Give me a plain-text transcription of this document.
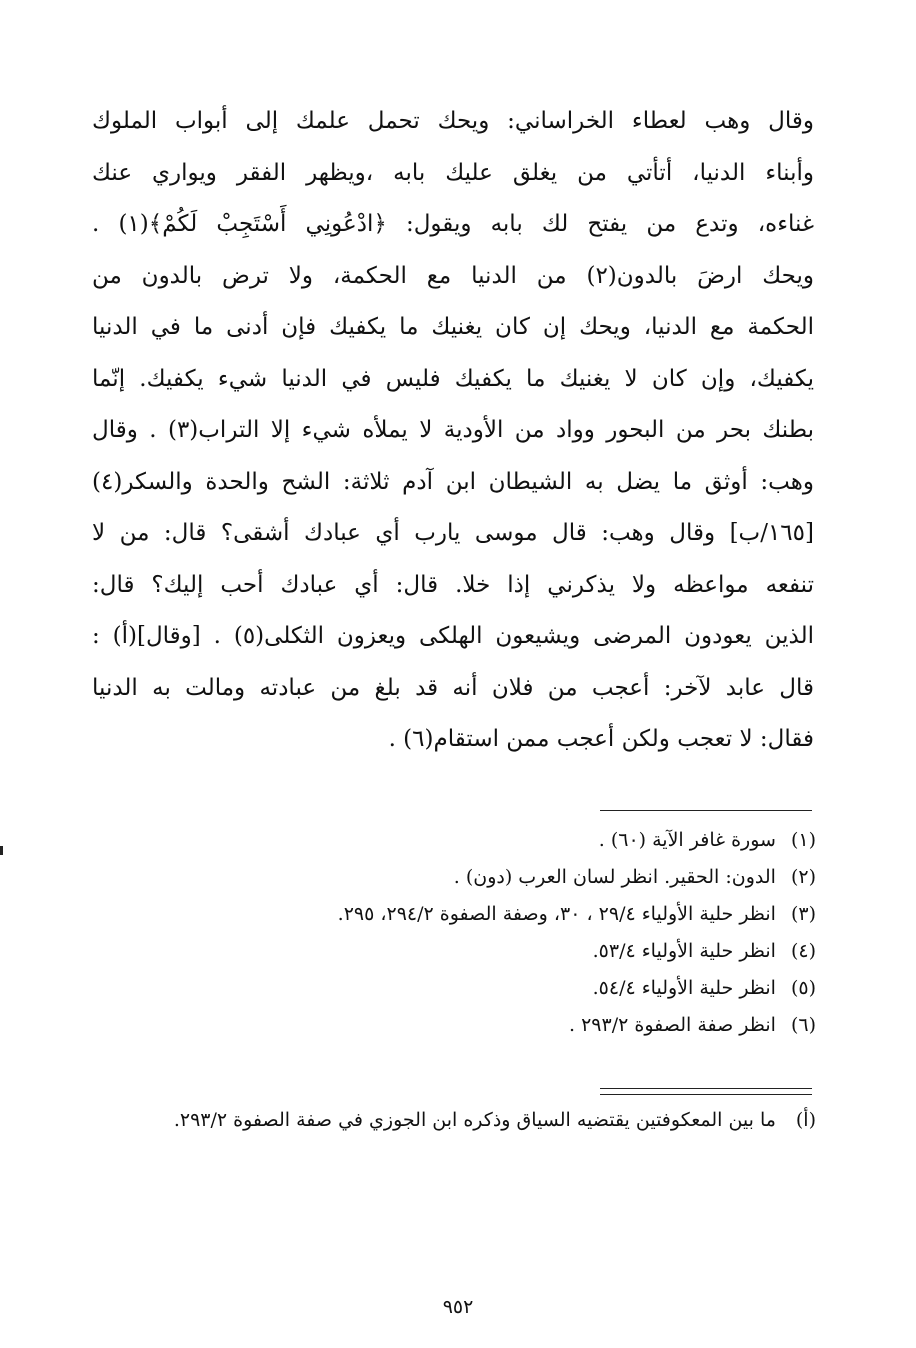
وقال وهب لعطاء الخراساني: ويحك تحمل علمك إلى أبواب الملوك
وأبناء الدنيا، أتأتي من يغلق عليك بابه ،ويظهر الفقر ويواري عنك
غناءه، وتدع من يفتح لك بابه ويقول: ﴿ادْعُونِي أَسْتَجِبْ لَكُمْ﴾(١) .
ويحك ارضَ بالدون(٢) من الدنيا مع الحكمة، ولا ترض بالدون من
الحكمة مع الدنيا، ويحك إن كان يغنيك ما يكفيك فإن أدنى ما في الدنيا
يكفيك، وإن كان لا يغنيك ما يكفيك فليس في الدنيا شيء يكفيك. إنّما
بطنك بحر من البحور وواد من الأودية لا يملأه شيء إلا التراب(٣) . وقال
وهب: أوثق ما يضل به الشيطان ابن آدم ثلاثة: الشح والحدة والسكر(٤)
[١٦٥/ب] وقال وهب: قال موسى يارب أي عبادك أشقى؟ قال: من لا
تنفعه مواعظه ولا يذكرني إذا خلا. قال: أي عبادك أحب إليك؟ قال:
الذين يعودون المرضى ويشيعون الهلكى ويعزون الثكلى(٥) . [وقال](أ) :
قال عابد لآخر: أعجب من فلان أنه قد بلغ من عبادته ومالت به الدنيا
فقال: لا تعجب ولكن أعجب ممن استقام(٦) .
(١) سورة غافر الآية (٦٠) .
(٢) الدون: الحقير. انظر لسان العرب (دون) .
(٣) انظر حلية الأولياء ٢٩/٤ ، ٣٠، وصفة الصفوة ٢٩٤/٢، ٢٩٥.
(٤) انظر حلية الأولياء ٥٣/٤.
(٥) انظر حلية الأولياء ٥٤/٤.
(٦) انظر صفة الصفوة ٢٩٣/٢ .
(أ) ما بين المعكوفتين يقتضيه السياق وذكره ابن الجوزي في صفة الصفوة ٢٩٣/٢.
٩٥٢
